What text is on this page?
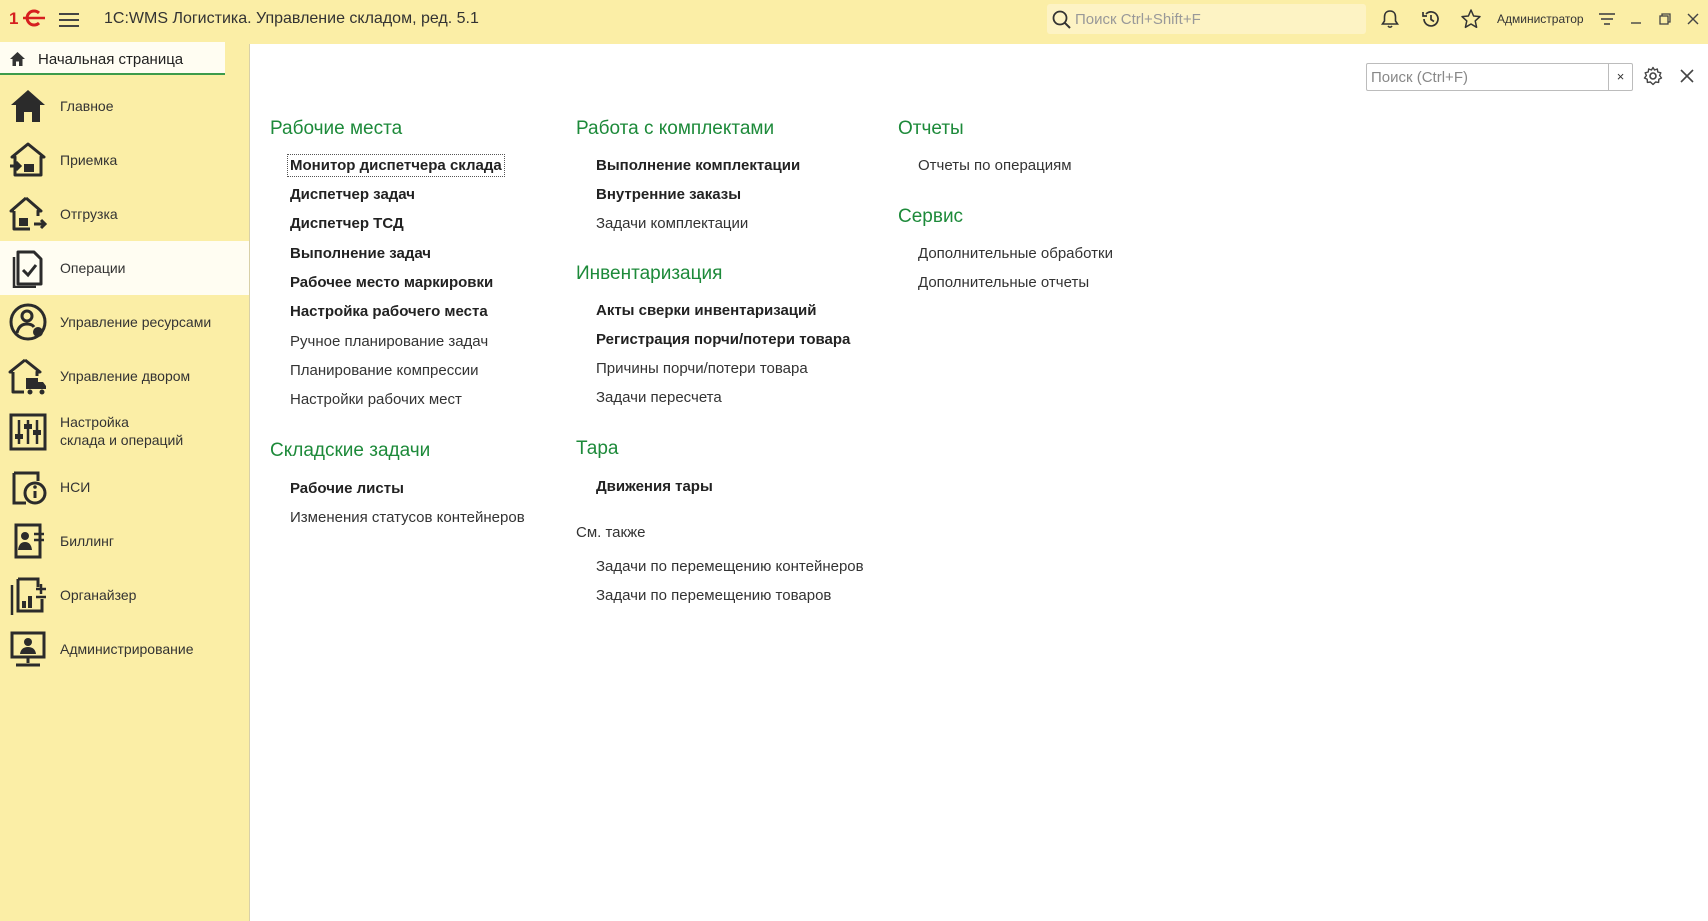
1	1С:WMS Логистика. Управление складом, ред. 5.1
Поиск Ctrl+Shift+F	Администратор
Начальная страница
Главное
Приемка
Отгрузка
Операции
Управление ресурсами
Управление двором
Настройка
склада и операций
НСИ
Биллинг
Органайзер
Администрирование
Поиск (Ctrl+F)
×
Рабочие места
Монитор диспетчера склада
Диспетчер задач
Диспетчер ТСД
Выполнение задач
Рабочее место маркировки
Настройка рабочего места
Ручное планирование задач
Планирование компрессии
Настройки рабочих мест
Складские задачи
Рабочие листы
Изменения статусов контейнеров
Работа с комплектами
Выполнение комплектации
Внутренние заказы
Задачи комплектации
Инвентаризация
Акты сверки инвентаризаций
Регистрация порчи/потери товара
Причины порчи/потери товара
Задачи пересчета
Тара
Движения тары
См. также
Задачи по перемещению контейнеров
Задачи по перемещению товаров
Отчеты
Отчеты по операциям
Сервис
Дополнительные обработки
Дополнительные отчеты
